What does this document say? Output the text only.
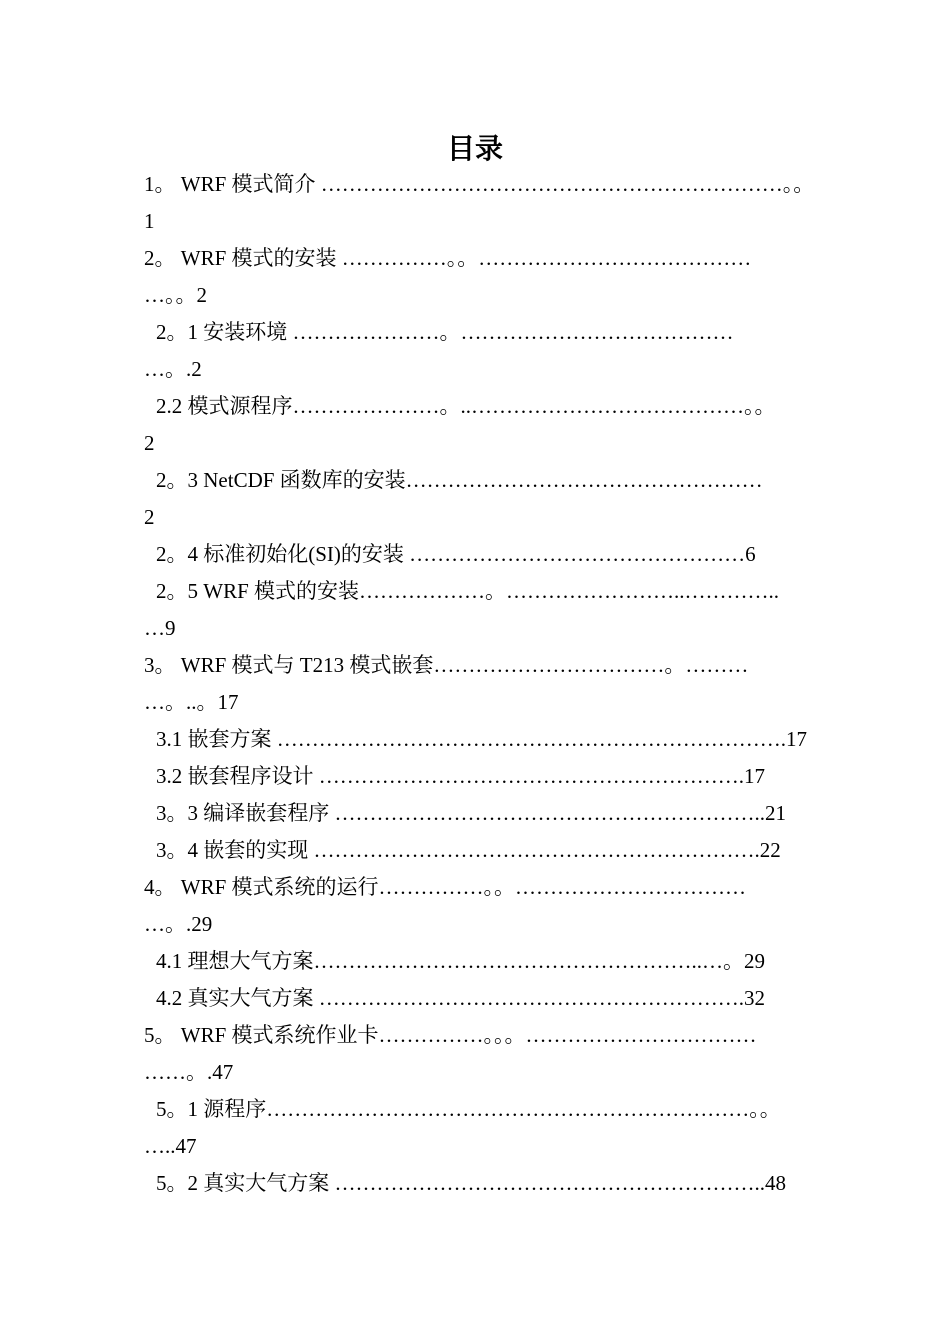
目录
1。 WRF 模式简介 …………………………………………………………。。
1
2。 WRF 模式的安装 ……………。。…………………………………
…。。2
2。1 安装环境 …………………。…………………………………
…。.2
2.2 模式源程序…………………。..…………………………………。。
2
2。3 NetCDF 函数库的安装……………………………………………
2
2。4 标准初始化(SI)的安装 …………………………………………6
2。5 WRF 模式的安装………………。……………………..…………..
…9
3。 WRF 模式与 T213 模式嵌套……………………………。………
…。..。17
3.1 嵌套方案 ……………………………………………………………….17
3.2 嵌套程序设计 …………………………………………………….17
3。3 编译嵌套程序 ……………………………………………………..21
3。4 嵌套的实现 ……………………………………………………….22
4。 WRF 模式系统的运行……………。。……………………………
…。.29
4.1 理想大气方案………………………………………………..…。29
4.2 真实大气方案 …………………………………………………….32
5。 WRF 模式系统作业卡……………。。。……………………………
……。.47
5。1 源程序……………………………………………………………。。
…..47
5。2 真实大气方案 ……………………………………………………..48
